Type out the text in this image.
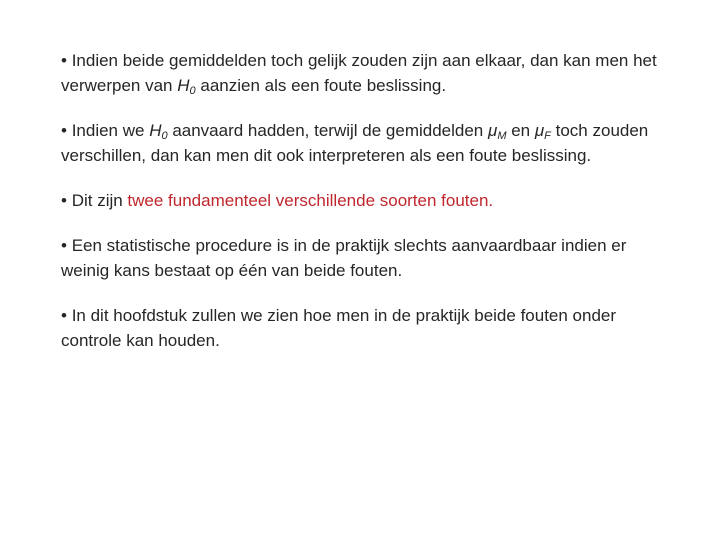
• Indien beide gemiddelden toch gelijk zouden zijn aan elkaar, dan kan men het verwerpen van $H_0$ aanzien als een foute beslissing.

• Indien we $H_0$ aanvaard hadden, terwijl de gemiddelden $\mu_M$ en $\mu_F$ toch zouden verschillen, dan kan men dit ook interpreteren als een foute beslissing.

• Dit zijn twee fundamenteel verschillende soorten fouten.

• Een statistische procedure is in de praktijk slechts aanvaardbaar indien er weinig kans bestaat op één van beide fouten.

• In dit hoofdstuk zullen we zien hoe men in de praktijk beide fouten onder controle kan houden.
